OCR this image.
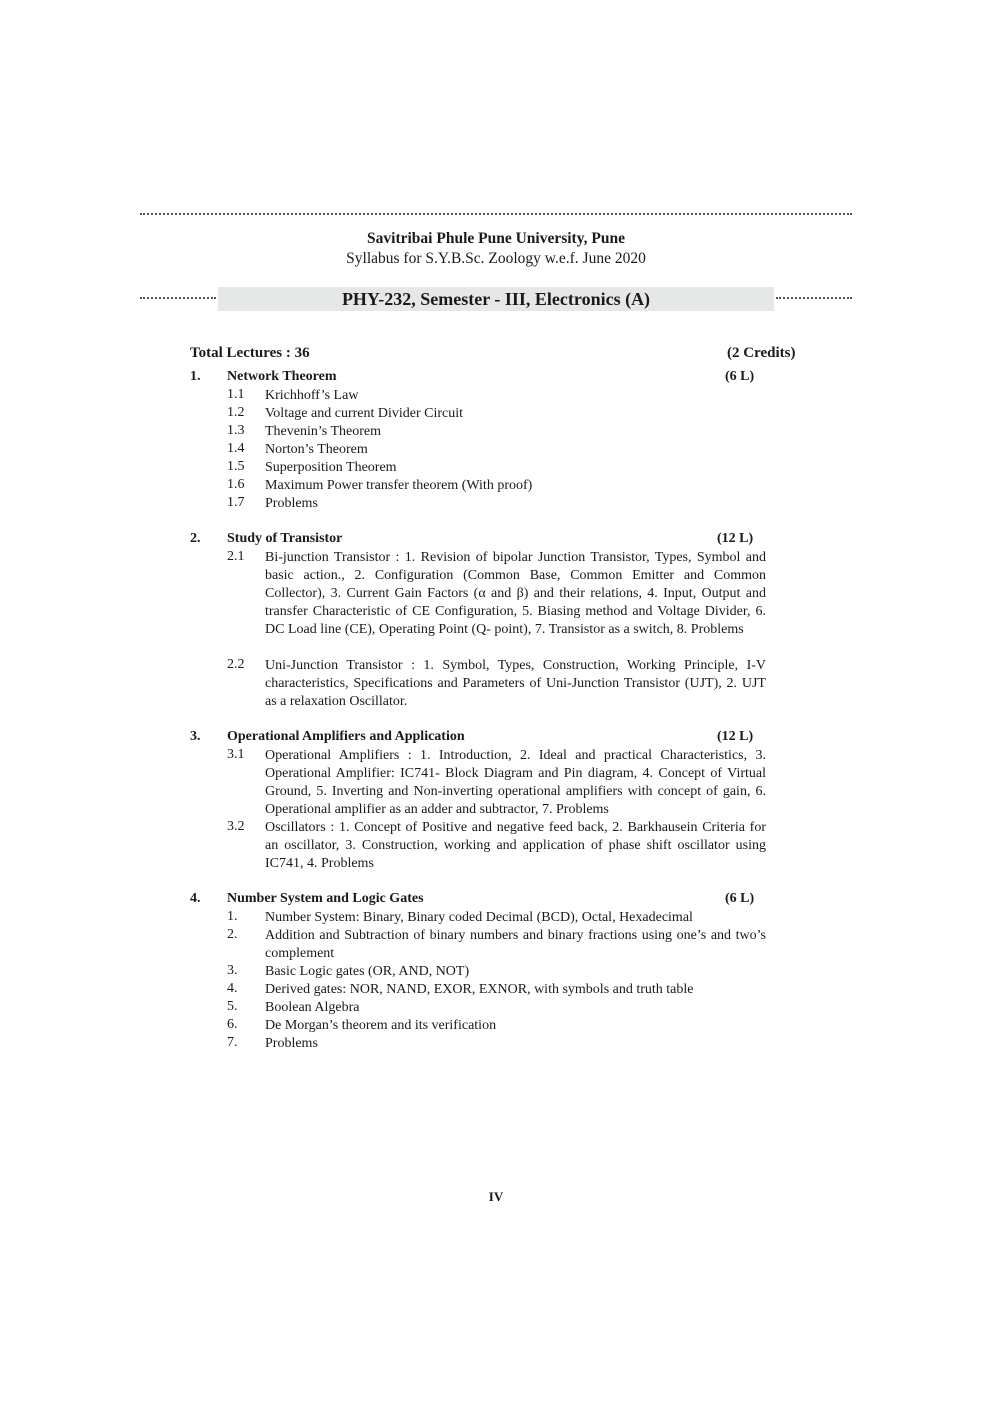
Savitribai Phule Pune University, Pune
Syllabus for S.Y.B.Sc. Zoology w.e.f. June 2020
PHY-232, Semester - III, Electronics (A)
Total Lectures : 36	(2 Credits)
1. Network Theorem	(6 L)
1.1 Krichhoff’s Law
1.2 Voltage and current Divider Circuit
1.3 Thevenin’s Theorem
1.4 Norton’s Theorem
1.5 Superposition Theorem
1.6 Maximum Power transfer theorem (With proof)
1.7 Problems
2. Study of Transistor	(12 L)
2.1 Bi-junction Transistor : 1. Revision of bipolar Junction Transistor, Types, Symbol and basic action., 2. Configuration (Common Base, Common Emitter and Common Collector), 3. Current Gain Factors (α and β) and their relations, 4. Input, Output and transfer Characteristic of CE Configuration, 5. Biasing method and Voltage Divider, 6. DC Load line (CE), Operating Point (Q- point), 7. Transistor as a switch, 8. Problems
2.2 Uni-Junction Transistor : 1. Symbol, Types, Construction, Working Principle, I-V characteristics, Specifications and Parameters of Uni-Junction Transistor (UJT), 2. UJT as a relaxation Oscillator.
3. Operational Amplifiers and Application	(12 L)
3.1 Operational Amplifiers : 1. Introduction, 2. Ideal and practical Characteristics, 3. Operational Amplifier: IC741- Block Diagram and Pin diagram, 4. Concept of Virtual Ground, 5. Inverting and Non-inverting operational amplifiers with concept of gain, 6. Operational amplifier as an adder and subtractor, 7. Problems
3.2 Oscillators : 1. Concept of Positive and negative feed back, 2. Barkhausein Criteria for an oscillator, 3. Construction, working and application of phase shift oscillator using IC741, 4. Problems
4. Number System and Logic Gates	(6 L)
1. Number System: Binary, Binary coded Decimal (BCD), Octal, Hexadecimal
2. Addition and Subtraction of binary numbers and binary fractions using one’s and two’s complement
3. Basic Logic gates (OR, AND, NOT)
4. Derived gates: NOR, NAND, EXOR, EXNOR, with symbols and truth table
5. Boolean Algebra
6. De Morgan’s theorem and its verification
7. Problems
IV
